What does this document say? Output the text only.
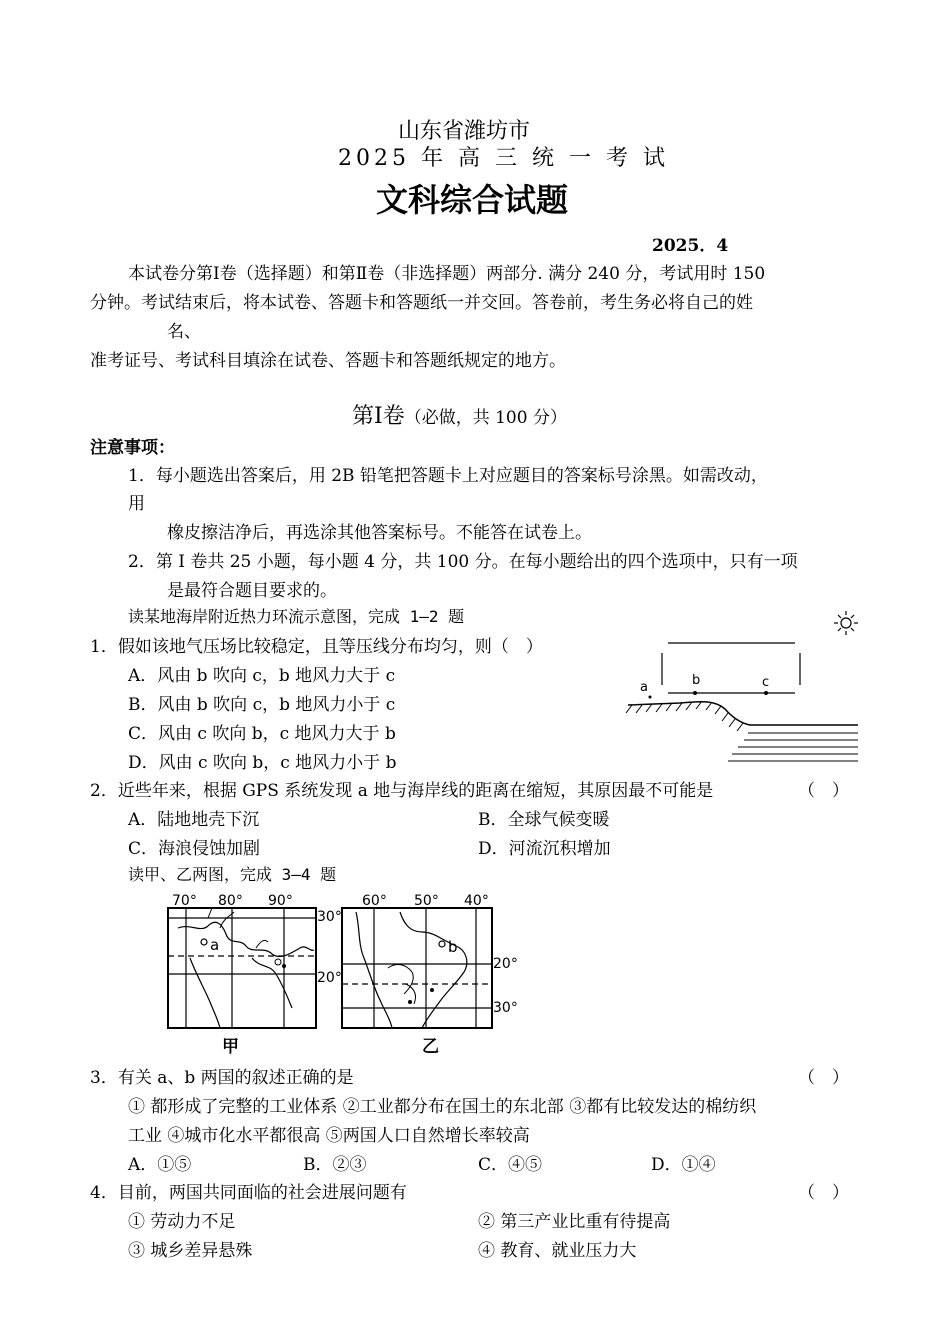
山东省潍坊市
2025 年 高 三 统 一 考 试
文科综合试题
2025．4
本试卷分第Ⅰ卷（选择题）和第Ⅱ卷（非选择题）两部分. 满分 240 分，考试用时 150
分钟。考试结束后，将本试卷、答题卡和答题纸一并交回。答卷前，考生务必将自己的姓
名、
准考证号、考试科目填涂在试卷、答题卡和答题纸规定的地方。
第Ⅰ卷（必做，共 100 分）
注意事项：
1．每小题选出答案后，用 2B 铅笔把答题卡上对应题目的答案标号涂黑。如需改动，
用
橡皮擦洁净后，再选涂其他答案标号。不能答在试卷上。
2．第 I 卷共 25 小题，每小题 4 分，共 100 分。在每小题给出的四个选项中，只有一项
是最符合题目要求的。
读某地海岸附近热力环流示意图，完成 1—2 题
1．假如该地气压场比较稳定，且等压线分布均匀，则（　）
A．风由 b 吹向 c，b 地风力大于 c
B．风由 b 吹向 c，b 地风力小于 c
C．风由 c 吹向 b，c 地风力大于 b
D．风由 c 吹向 b，c 地风力小于 b
a	b	c
2．近些年来，根据 GPS 系统发现 a 地与海岸线的距离在缩短，其原因最不可能是	（　）
A．陆地地壳下沉	B．全球气候变暖
C．海浪侵蚀加剧	D．河流沉积增加
读甲、乙两图，完成 3—4 题
a
70° 80° 90°
30°
20°
甲
b
60° 50° 40°
20°
30°
乙
3．有关 a、b 两国的叙述正确的是	（　）
① 都形成了完整的工业体系 ②工业都分布在国土的东北部 ③都有比较发达的棉纺织
工业 ④城市化水平都很高 ⑤两国人口自然增长率较高
A．①⑤	B．②③	C．④⑤	D．①④
4．目前，两国共同面临的社会进展问题有	（　）
① 劳动力不足	② 第三产业比重有待提高
③ 城乡差异悬殊	④ 教育、就业压力大
